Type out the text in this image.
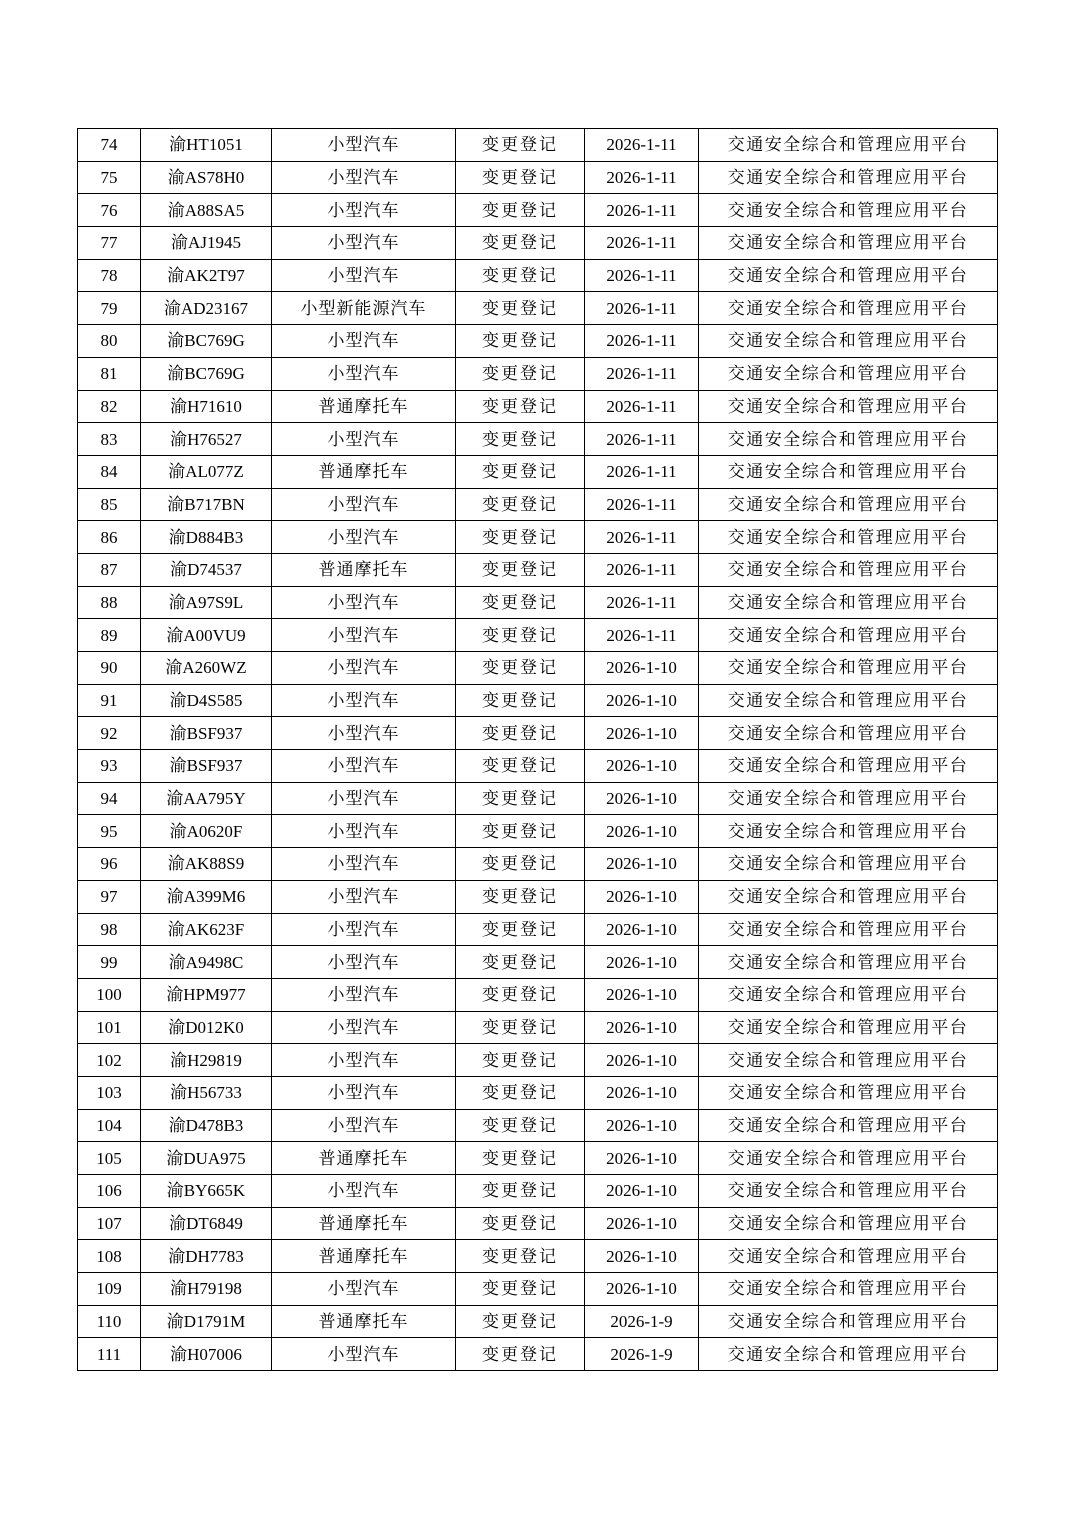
74	渝HT1051	小型汽车	变更登记	2026-1-11	交通安全综合和管理应用平台
75	渝AS78H0	小型汽车	变更登记	2026-1-11	交通安全综合和管理应用平台
76	渝A88SA5	小型汽车	变更登记	2026-1-11	交通安全综合和管理应用平台
77	渝AJ1945	小型汽车	变更登记	2026-1-11	交通安全综合和管理应用平台
78	渝AK2T97	小型汽车	变更登记	2026-1-11	交通安全综合和管理应用平台
79	渝AD23167	小型新能源汽车	变更登记	2026-1-11	交通安全综合和管理应用平台
80	渝BC769G	小型汽车	变更登记	2026-1-11	交通安全综合和管理应用平台
81	渝BC769G	小型汽车	变更登记	2026-1-11	交通安全综合和管理应用平台
82	渝H71610	普通摩托车	变更登记	2026-1-11	交通安全综合和管理应用平台
83	渝H76527	小型汽车	变更登记	2026-1-11	交通安全综合和管理应用平台
84	渝AL077Z	普通摩托车	变更登记	2026-1-11	交通安全综合和管理应用平台
85	渝B717BN	小型汽车	变更登记	2026-1-11	交通安全综合和管理应用平台
86	渝D884B3	小型汽车	变更登记	2026-1-11	交通安全综合和管理应用平台
87	渝D74537	普通摩托车	变更登记	2026-1-11	交通安全综合和管理应用平台
88	渝A97S9L	小型汽车	变更登记	2026-1-11	交通安全综合和管理应用平台
89	渝A00VU9	小型汽车	变更登记	2026-1-11	交通安全综合和管理应用平台
90	渝A260WZ	小型汽车	变更登记	2026-1-10	交通安全综合和管理应用平台
91	渝D4S585	小型汽车	变更登记	2026-1-10	交通安全综合和管理应用平台
92	渝BSF937	小型汽车	变更登记	2026-1-10	交通安全综合和管理应用平台
93	渝BSF937	小型汽车	变更登记	2026-1-10	交通安全综合和管理应用平台
94	渝AA795Y	小型汽车	变更登记	2026-1-10	交通安全综合和管理应用平台
95	渝A0620F	小型汽车	变更登记	2026-1-10	交通安全综合和管理应用平台
96	渝AK88S9	小型汽车	变更登记	2026-1-10	交通安全综合和管理应用平台
97	渝A399M6	小型汽车	变更登记	2026-1-10	交通安全综合和管理应用平台
98	渝AK623F	小型汽车	变更登记	2026-1-10	交通安全综合和管理应用平台
99	渝A9498C	小型汽车	变更登记	2026-1-10	交通安全综合和管理应用平台
100	渝HPM977	小型汽车	变更登记	2026-1-10	交通安全综合和管理应用平台
101	渝D012K0	小型汽车	变更登记	2026-1-10	交通安全综合和管理应用平台
102	渝H29819	小型汽车	变更登记	2026-1-10	交通安全综合和管理应用平台
103	渝H56733	小型汽车	变更登记	2026-1-10	交通安全综合和管理应用平台
104	渝D478B3	小型汽车	变更登记	2026-1-10	交通安全综合和管理应用平台
105	渝DUA975	普通摩托车	变更登记	2026-1-10	交通安全综合和管理应用平台
106	渝BY665K	小型汽车	变更登记	2026-1-10	交通安全综合和管理应用平台
107	渝DT6849	普通摩托车	变更登记	2026-1-10	交通安全综合和管理应用平台
108	渝DH7783	普通摩托车	变更登记	2026-1-10	交通安全综合和管理应用平台
109	渝H79198	小型汽车	变更登记	2026-1-10	交通安全综合和管理应用平台
110	渝D1791M	普通摩托车	变更登记	2026-1-9	交通安全综合和管理应用平台
111	渝H07006	小型汽车	变更登记	2026-1-9	交通安全综合和管理应用平台
